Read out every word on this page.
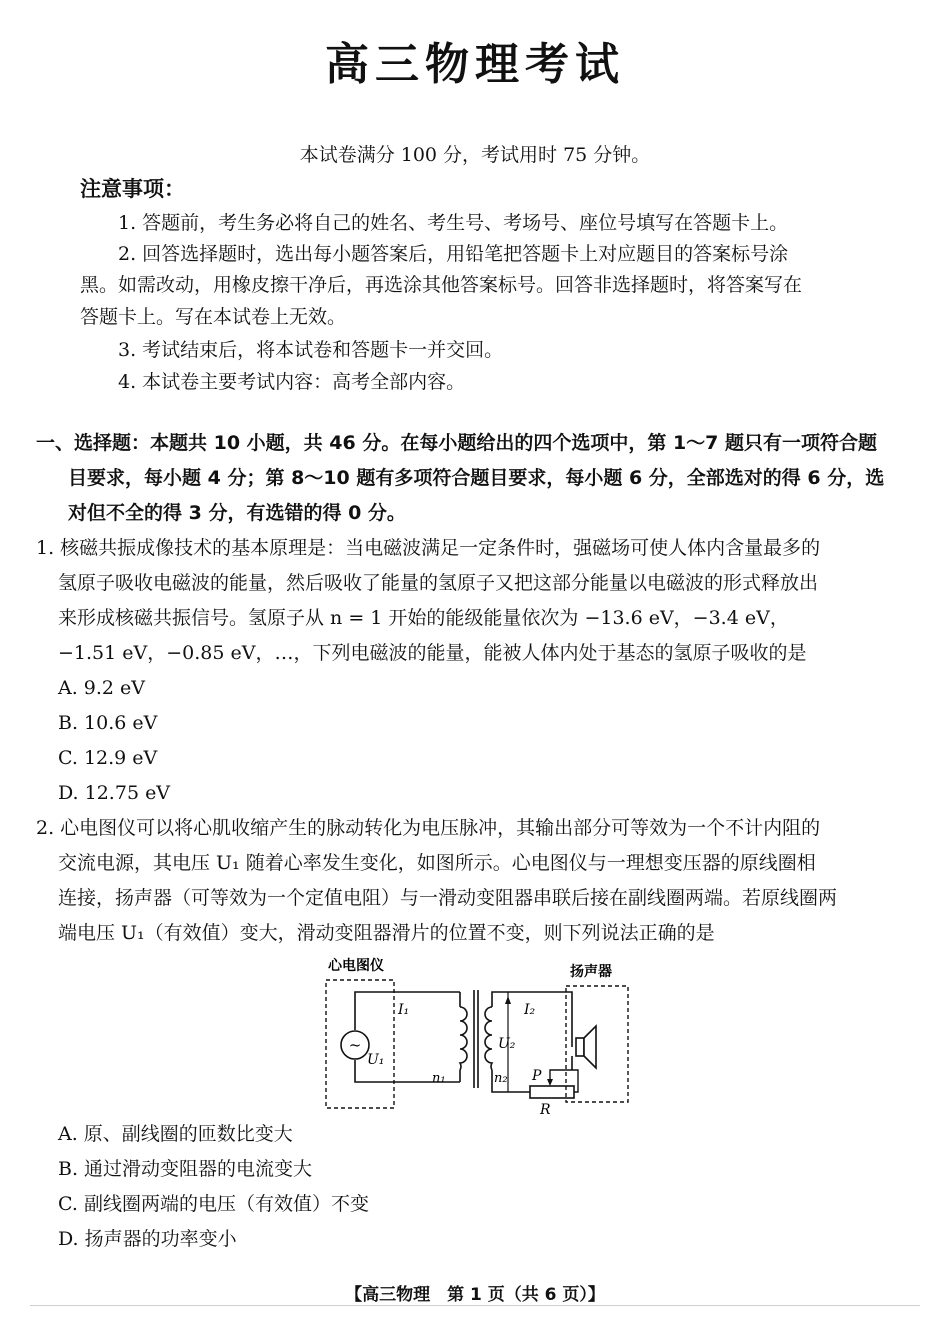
高三物理考试
本试卷满分 100 分，考试用时 75 分钟。
注意事项：
1. 答题前，考生务必将自己的姓名、考生号、考场号、座位号填写在答题卡上。
2. 回答选择题时，选出每小题答案后，用铅笔把答题卡上对应题目的答案标号涂
黑。如需改动，用橡皮擦干净后，再选涂其他答案标号。回答非选择题时，将答案写在
答题卡上。写在本试卷上无效。
3. 考试结束后，将本试卷和答题卡一并交回。
4. 本试卷主要考试内容：高考全部内容。
一、选择题：本题共 10 小题，共 46 分。在每小题给出的四个选项中，第 1～7 题只有一项符合题
目要求，每小题 4 分；第 8～10 题有多项符合题目要求，每小题 6 分，全部选对的得 6 分，选
对但不全的得 3 分，有选错的得 0 分。
1. 核磁共振成像技术的基本原理是：当电磁波满足一定条件时，强磁场可使人体内含量最多的
氢原子吸收电磁波的能量，然后吸收了能量的氢原子又把这部分能量以电磁波的形式释放出
来形成核磁共振信号。氢原子从 n = 1 开始的能级能量依次为 −13.6 eV，−3.4 eV，
−1.51 eV，−0.85 eV，…，下列电磁波的能量，能被人体内处于基态的氢原子吸收的是
A. 9.2 eV
B. 10.6 eV
C. 12.9 eV
D. 12.75 eV
2. 心电图仪可以将心肌收缩产生的脉动转化为电压脉冲，其输出部分可等效为一个不计内阻的
交流电源，其电压 U₁ 随着心率发生变化，如图所示。心电图仪与一理想变压器的原线圈相
连接，扬声器（可等效为一个定值电阻）与一滑动变阻器串联后接在副线圈两端。若原线圈两
端电压 U₁（有效值）变大，滑动变阻器滑片的位置不变，则下列说法正确的是
心电图仪
~
U₁
I₁
n₁
U₂
n₂
I₂
P
R
扬声器
A. 原、副线圈的匝数比变大
B. 通过滑动变阻器的电流变大
C. 副线圈两端的电压（有效值）不变
D. 扬声器的功率变小
【高三物理　第 1 页（共 6 页）】
